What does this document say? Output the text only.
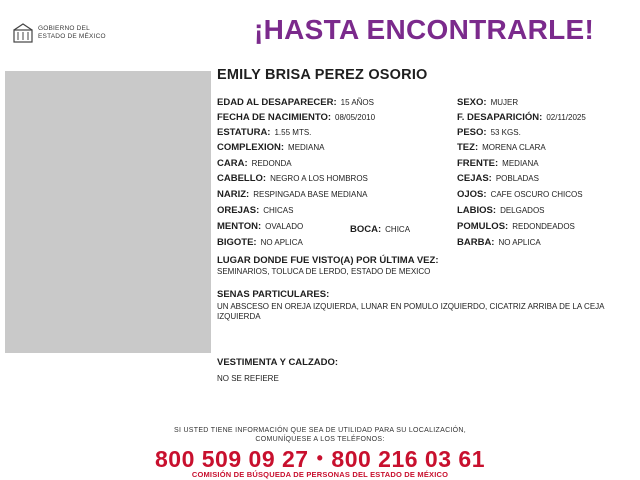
GOBIERNO DEL
ESTADO DE MÉXICO	¡HASTA ENCONTRARLE!
EMILY BRISA PEREZ OSORIO
EDAD AL DESAPARECER: 15 AÑOS
FECHA DE NACIMIENTO: 08/05/2010
ESTATURA: 1.55 MTS.
COMPLEXION: MEDIANA
CARA: REDONDA
CABELLO: NEGRO A LOS HOMBROS
NARIZ: RESPINGADA BASE MEDIANA
OREJAS: CHICAS
MENTON: OVALADO	BOCA: CHICA
BIGOTE: NO APLICA
SEXO: MUJER
F. DESAPARICIÓN: 02/11/2025
PESO: 53 KGS.
TEZ: MORENA CLARA
FRENTE: MEDIANA
CEJAS: POBLADAS
OJOS: CAFE OSCURO CHICOS
LABIOS: DELGADOS
POMULOS: REDONDEADOS
BARBA: NO APLICA
LUGAR DONDE FUE VISTO(A) POR ÚLTIMA VEZ:
SEMINARIOS, TOLUCA DE LERDO, ESTADO DE MEXICO
SENAS PARTICULARES:
UN ABSCESO EN OREJA IZQUIERDA, LUNAR EN POMULO IZQUIERDO, CICATRIZ ARRIBA DE LA CEJA IZQUIERDA
VESTIMENTA Y CALZADO:
NO SE REFIERE
SI USTED TIENE INFORMACIÓN QUE SEA DE UTILIDAD PARA SU LOCALIZACIÓN,
COMUNÍQUESE A LOS TELÉFONOS:
800 509 09 27 • 800 216 03 61
COMISIÓN DE BÚSQUEDA DE PERSONAS DEL ESTADO DE MÉXICO
